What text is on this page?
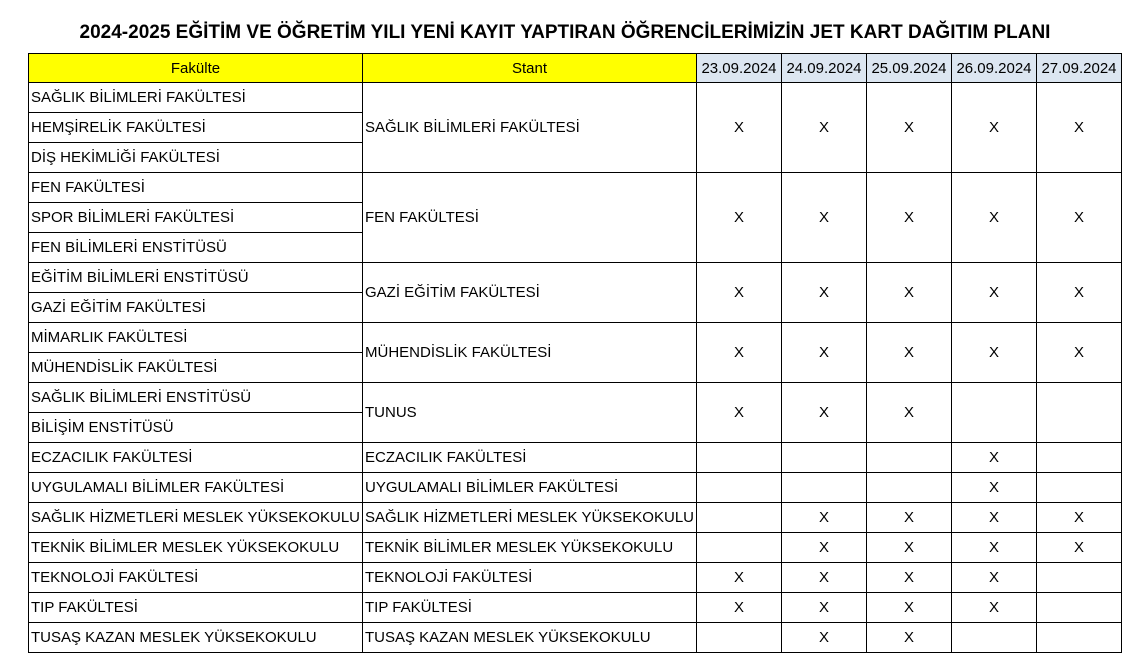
2024-2025 EĞİTİM VE ÖĞRETİM YILI YENİ KAYIT YAPTIRAN ÖĞRENCİLERİMİZİN JET KART DAĞITIM PLANI
Fakülte	Stant	23.09.2024	24.09.2024	25.09.2024	26.09.2024	27.09.2024
SAĞLIK BİLİMLERİ FAKÜLTESİ	SAĞLIK BİLİMLERİ FAKÜLTESİ	X	X	X	X	X
HEMŞİRELİK FAKÜLTESİ						
DİŞ HEKİMLİĞİ FAKÜLTESİ						
FEN FAKÜLTESİ	FEN FAKÜLTESİ	X	X	X	X	X
SPOR BİLİMLERİ FAKÜLTESİ						
FEN BİLİMLERİ ENSTİTÜSÜ						
EĞİTİM BİLİMLERİ ENSTİTÜSÜ	GAZİ EĞİTİM FAKÜLTESİ	X	X	X	X	X
GAZİ EĞİTİM FAKÜLTESİ						
MİMARLIK FAKÜLTESİ	MÜHENDİSLİK FAKÜLTESİ	X	X	X	X	X
MÜHENDİSLİK FAKÜLTESİ						
SAĞLIK BİLİMLERİ ENSTİTÜSÜ	TUNUS	X	X	X		
BİLİŞİM ENSTİTÜSÜ						
ECZACILIK FAKÜLTESİ	ECZACILIK FAKÜLTESİ				X	
UYGULAMALI BİLİMLER FAKÜLTESİ	UYGULAMALI BİLİMLER FAKÜLTESİ				X	
SAĞLIK HİZMETLERİ MESLEK YÜKSEKOKULU	SAĞLIK HİZMETLERİ MESLEK YÜKSEKOKULU		X	X	X	X
TEKNİK BİLİMLER MESLEK YÜKSEKOKULU	TEKNİK BİLİMLER MESLEK YÜKSEKOKULU		X	X	X	X
TEKNOLOJİ FAKÜLTESİ	TEKNOLOJİ FAKÜLTESİ	X	X	X	X	
TIP FAKÜLTESİ	TIP FAKÜLTESİ	X	X	X	X	
TUSAŞ KAZAN MESLEK YÜKSEKOKULU	TUSAŞ KAZAN MESLEK YÜKSEKOKULU		X	X		
